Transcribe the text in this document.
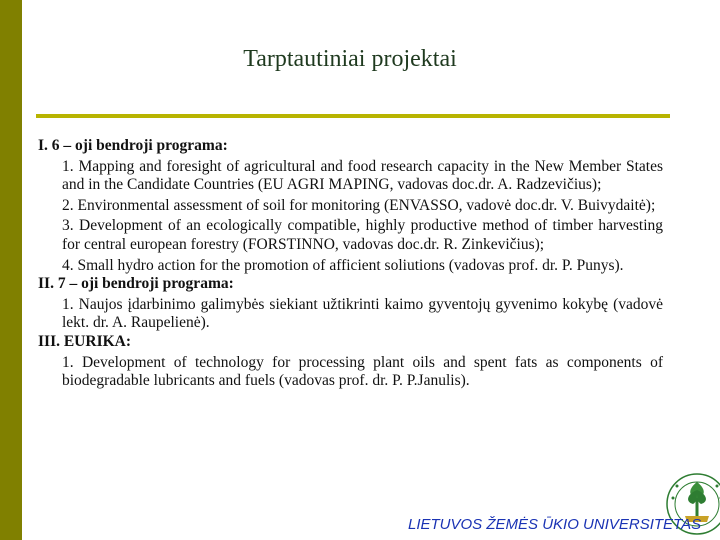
Tarptautiniai projektai

I. 6 – oji bendroji programa:

1. Mapping and foresight of agricultural and food research capacity in the New Member States and in the Candidate Countries (EU AGRI MAPING, vadovas doc.dr. A. Radzevičius);

2. Environmental assessment of soil for monitoring (ENVASSO, vadovė doc.dr. V. Buivydaitė);

3. Development of an ecologically compatible, highly productive method of timber harvesting for central european forestry (FORSTINNO, vadovas doc.dr. R. Zinkevičius);

4. Small hydro action for the promotion of afficient soliutions (vadovas prof. dr. P. Punys).

II. 7 – oji bendroji programa:

1. Naujos įdarbinimo galimybės siekiant užtikrinti kaimo gyventojų gyvenimo kokybę (vadovė lekt. dr. A. Raupelienė).

III. EURIKA:

1. Development of technology for processing plant oils and spent fats as components of biodegradable lubricants and fuels (vadovas prof. dr. P. P.Janulis).

LIETUVOS ŽEMĖS ŪKIO UNIVERSITETAS
